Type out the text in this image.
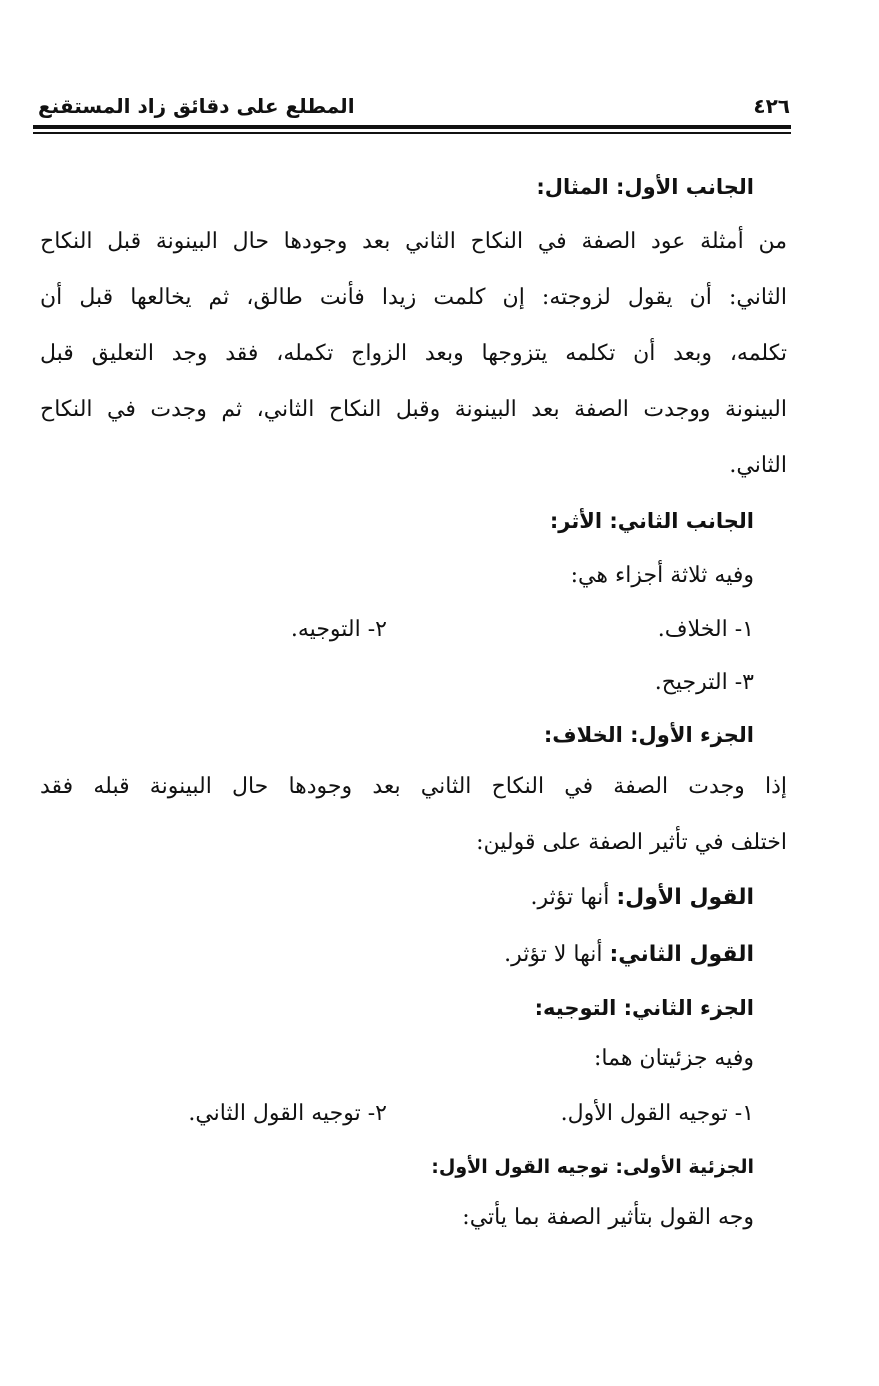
٤٢٦
المطلع على دقائق زاد المستقنع
الجانب الأول: المثال:
من أمثلة عود الصفة في النكاح الثاني بعد وجودها حال البينونة قبل النكاح
الثاني: أن يقول لزوجته: إن كلمت زيدا فأنت طالق، ثم يخالعها قبل أن
تكلمه، وبعد أن تكلمه يتزوجها وبعد الزواج تكمله، فقد وجد التعليق قبل
البينونة ووجدت الصفة بعد البينونة وقبل النكاح الثاني، ثم وجدت في النكاح
الثاني.
الجانب الثاني: الأثر:
وفيه ثلاثة أجزاء هي:
١- الخلاف.
٢- التوجيه.
٣- الترجيح.
الجزء الأول: الخلاف:
إذا وجدت الصفة في النكاح الثاني بعد وجودها حال البينونة قبله فقد
اختلف في تأثير الصفة على قولين:
القول الأول: أنها تؤثر.
القول الثاني: أنها لا تؤثر.
الجزء الثاني: التوجيه:
وفيه جزئيتان هما:
١- توجيه القول الأول.
٢- توجيه القول الثاني.
الجزئية الأولى: توجيه القول الأول:
وجه القول بتأثير الصفة بما يأتي:
